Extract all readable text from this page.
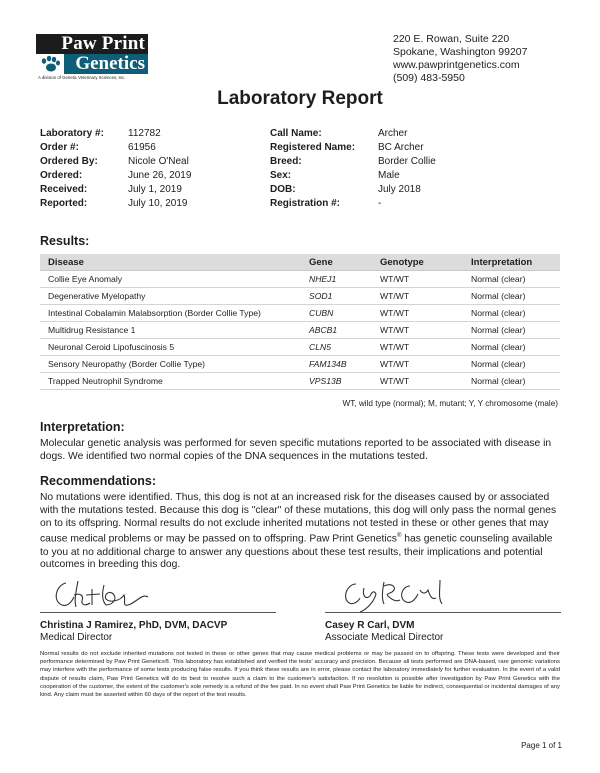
Paw Print
Genetics
A division of Genetic Veterinary Sciences, Inc.
220 E. Rowan, Suite 220
Spokane, Washington 99207
www.pawprintgenetics.com
(509) 483-5950
Laboratory Report
Laboratory #: 112782
Order #:	61956
Ordered By:	Nicole O'Neal
Ordered:	June 26, 2019
Received:	July 1, 2019
Reported:	July 10, 2019
Call Name:	Archer
Registered Name: BC Archer
Breed:	Border Collie
Sex:	Male
DOB:	July 2018
Registration #:	-
Results:
Disease	Gene	Genotype	Interpretation
Collie Eye Anomaly	NHEJ1	WT/WT	Normal (clear)
Degenerative Myelopathy	SOD1	WT/WT	Normal (clear)
Intestinal Cobalamin Malabsorption (Border Collie Type)	CUBN	WT/WT	Normal (clear)
Multidrug Resistance 1	ABCB1	WT/WT	Normal (clear)
Neuronal Ceroid Lipofuscinosis 5	CLN5	WT/WT	Normal (clear)
Sensory Neuropathy (Border Collie Type)	FAM134B	WT/WT	Normal (clear)
Trapped Neutrophil Syndrome	VPS13B	WT/WT	Normal (clear)
WT, wild type (normal); M, mutant; Y, Y chromosome (male)
Interpretation:
Molecular genetic analysis was performed for seven specific mutations reported to be associated with disease in dogs. We identified two normal copies of the DNA sequences in the mutations tested.
Recommendations:
No mutations were identified. Thus, this dog is not at an increased risk for the diseases caused by or associated with the mutations tested. Because this dog is "clear" of these mutations, this dog will only pass the normal genes on to its offspring. Normal results do not exclude inherited mutations not tested in these or other genes that may cause medical problems or may be passed on to offspring. Paw Print Genetics® has genetic counseling available to you at no additional charge to answer any questions about these test results, their implications and potential outcomes in breeding this dog.
Christina J Ramirez, PhD, DVM, DACVP
Medical Director
Casey R Carl, DVM
Associate Medical Director
Normal results do not exclude inherited mutations not tested in these or other genes that may cause medical problems or may be passed on to offspring. These tests were developed and their performance determined by Paw Print Genetics®. This laboratory has established and verified the tests' accuracy and precision. Because all tests performed are DNA-based, rare genomic variations may interfere with the performance of some tests producing false results. If you think these results are in error, please contact the laboratory immediately for further evaluation. In the event of a valid dispute of results claim, Paw Print Genetics will do its best to resolve such a claim to the customer's satisfaction. If no resolution is possible after investigation by Paw Print Genetics with the cooperation of the customer, the extent of the customer's sole remedy is a refund of the fee paid. In no event shall Paw Print Genetics be liable for indirect, consequential or incidental damages of any kind. Any claim must be asserted within 60 days of the report of the test results.
Page 1 of 1
